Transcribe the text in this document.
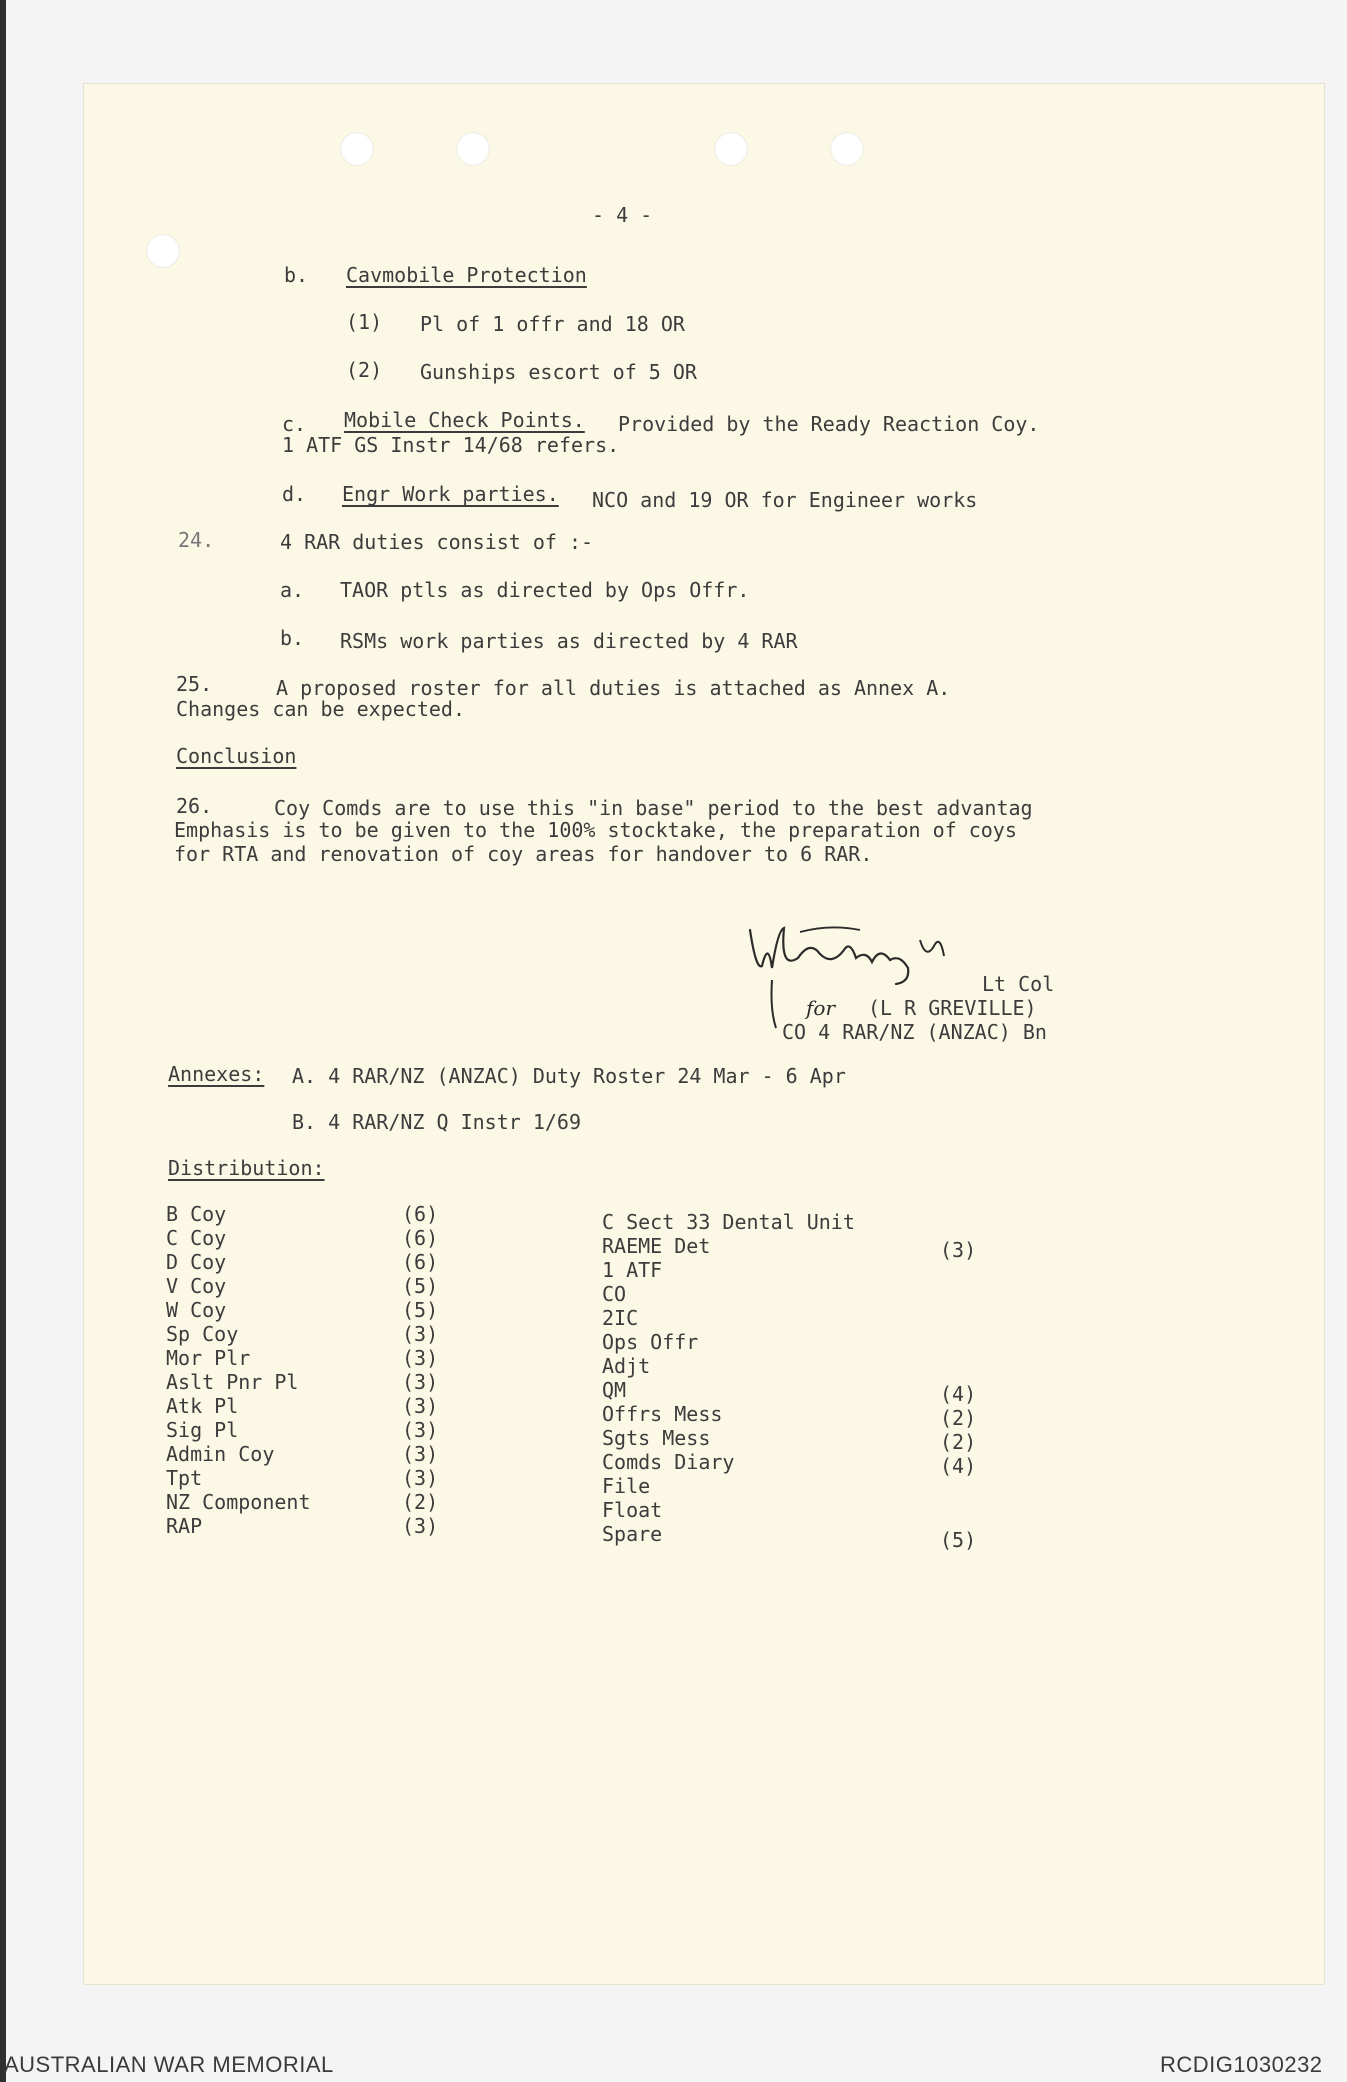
- 4 -
b. Cavmobile Protection
(1) Pl of 1 offr and 18 OR
(2) Gunships escort of 5 OR
c. Mobile Check Points. Provided by the Ready Reaction Coy.
1 ATF GS Instr 14/68 refers.
d. Engr Work parties. NCO and 19 OR for Engineer works
24.	4 RAR duties consist of :-
a. TAOR ptls as directed by Ops Offr.
b. RSMs work parties as directed by 4 RAR
25.	A proposed roster for all duties is attached as Annex A.
Changes can be expected.
Conclusion
26.	Coy Comds are to use this "in base" period to the best advantag
Emphasis is to be given to the 100% stocktake, the preparation of coys
for RTA and renovation of coy areas for handover to 6 RAR.
Lt Col
for (L R GREVILLE)
CO 4 RAR/NZ (ANZAC) Bn
Annexes: A. 4 RAR/NZ (ANZAC) Duty Roster 24 Mar - 6 Apr
B. 4 RAR/NZ Q Instr 1/69
Distribution:
B Coy	(6)
C Coy	(6)
D Coy	(6)
V Coy	(5)
W Coy	(5)
Sp Coy	(3)
Mor Plr	(3)
Aslt Pnr Pl	(3)
Atk Pl	(3)
Sig Pl	(3)
Admin Coy	(3)
Tpt	(3)
NZ Component	(2)
RAP	(3)
C Sect 33 Dental Unit
RAEME Det	(3)
1 ATF
CO
2IC
Ops Offr
Adjt
QM	(4)
Offrs Mess	(2)
Sgts Mess	(2)
Comds Diary	(4)
File
Float
Spare	(5)
AUSTRALIAN WAR MEMORIAL	RCDIG1030232
